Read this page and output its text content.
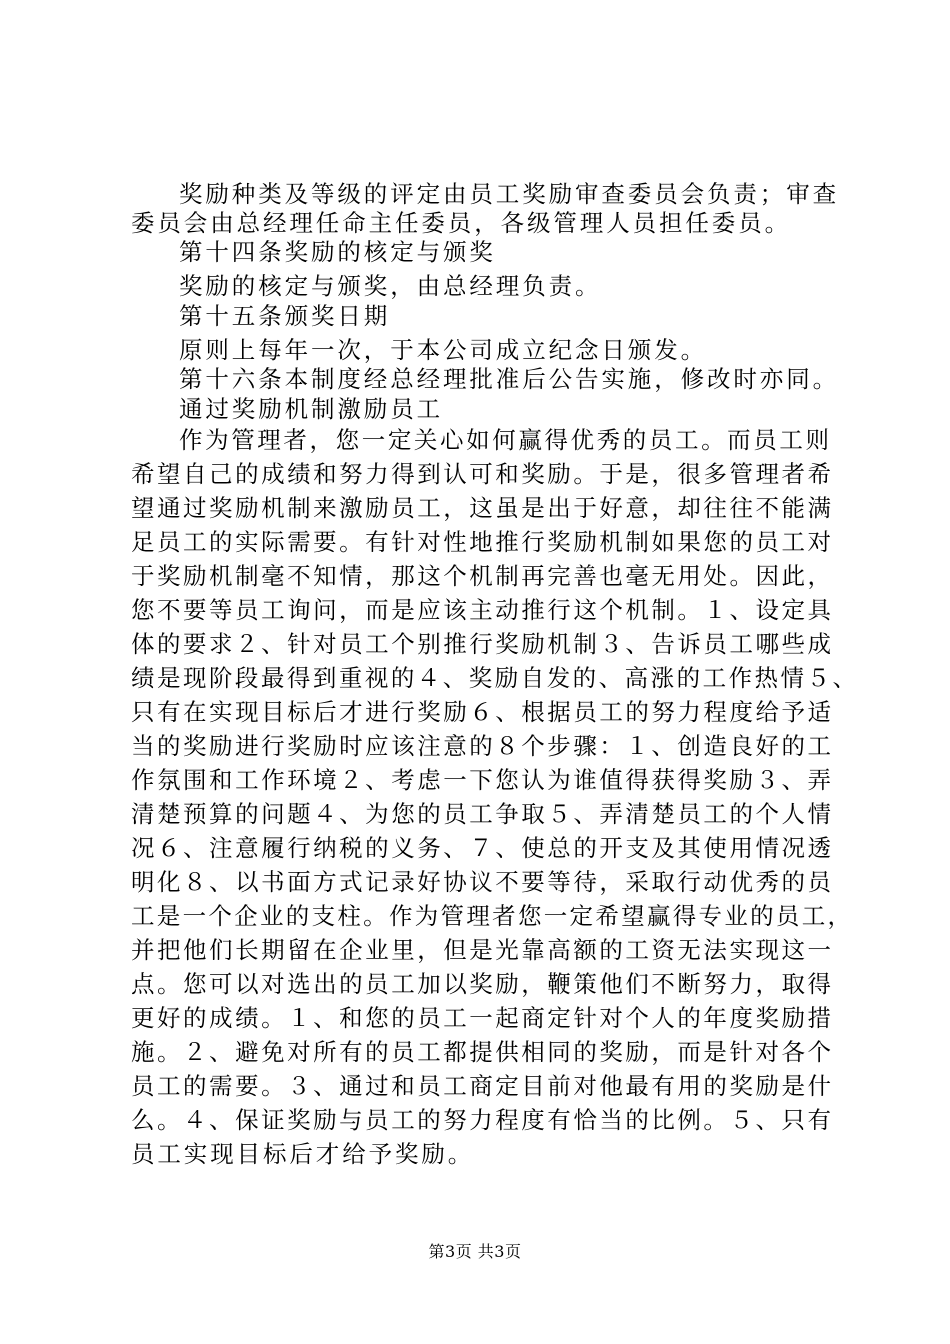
奖励种类及等级的评定由员工奖励审查委员会负责；审查
委员会由总经理任命主任委员，各级管理人员担任委员。
第十四条奖励的核定与颁奖
奖励的核定与颁奖，由总经理负责。
第十五条颁奖日期
原则上每年一次，于本公司成立纪念日颁发。
第十六条本制度经总经理批准后公告实施，修改时亦同。
通过奖励机制激励员工
作为管理者，您一定关心如何赢得优秀的员工。而员工则
希望自己的成绩和努力得到认可和奖励。于是，很多管理者希
望通过奖励机制来激励员工，这虽是出于好意，却往往不能满
足员工的实际需要。有针对性地推行奖励机制如果您的员工对
于奖励机制毫不知情，那这个机制再完善也毫无用处。因此，
您不要等员工询问，而是应该主动推行这个机制。１、设定具
体的要求２、针对员工个别推行奖励机制３、告诉员工哪些成
绩是现阶段最得到重视的４、奖励自发的、高涨的工作热情５、
只有在实现目标后才进行奖励６、根据员工的努力程度给予适
当的奖励进行奖励时应该注意的８个步骤：１、创造良好的工
作氛围和工作环境２、考虑一下您认为谁值得获得奖励３、弄
清楚预算的问题４、为您的员工争取５、弄清楚员工的个人情
况６、注意履行纳税的义务、７、使总的开支及其使用情况透
明化８、以书面方式记录好协议不要等待，采取行动优秀的员
工是一个企业的支柱。作为管理者您一定希望赢得专业的员工，
并把他们长期留在企业里，但是光靠高额的工资无法实现这一
点。您可以对选出的员工加以奖励，鞭策他们不断努力，取得
更好的成绩。１、和您的员工一起商定针对个人的年度奖励措
施。２、避免对所有的员工都提供相同的奖励，而是针对各个
员工的需要。３、通过和员工商定目前对他最有用的奖励是什
么。４、保证奖励与员工的努力程度有恰当的比例。５、只有
员工实现目标后才给予奖励。
第3页 共3页
